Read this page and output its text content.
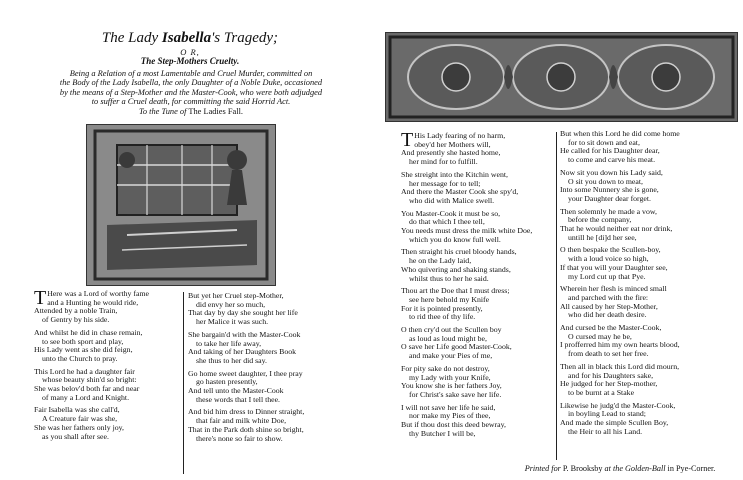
The Lady Isabella's Tragedy;
O R,
The Step-Mothers Cruelty.
Being a Relation of a most Lamentable and Cruel Murder, committed on
the Body of the Lady Isabella, the only Daughter of a Noble Duke, occasioned
by the means of a Step-Mother and the Master-Cook, who were both adjudged
to suffer a Cruel death, for committing the said Horrid Act.
To the Tune of The Ladies Fall.
T Here was a Lord of worthy fame
and a Hunting he would ride,
Attended by a noble Train,
of Gentry by his side.
And whilst he did in chase remain,
to see both sport and play,
His Lady went as she did feign,
unto the Church to pray.
This Lord he had a daughter fair
whose beauty shin'd so bright:
She was belov'd both far and near
of many a Lord and Knight.
Fair Isabella was she call'd,
A Creature fair was she,
She was her fathers only joy,
as you shall after see.
But yet her Cruel step-Mother,
did envy her so much,
That day by day she sought her life
her Malice it was such.
She bargain'd with the Master-Cook
to take her life away,
And taking of her Daughters Book
she thus to her did say.
Go home sweet daughter, I thee pray
go hasten presently,
And tell unto the Master-Cook
these words that I tell thee.
And bid him dress to Dinner straight,
that fair and milk white Doe,
That in the Park doth shine so bright,
there's none so fair to show.
T His Lady fearing of no harm,
obey'd her Mothers will,
And presently she hasted home,
her mind for to fulfill.
She streight into the Kitchin went,
her message for to tell;
And there the Master Cook she spy'd,
who did with Malice swell.
You Master-Cook it must be so,
do that which I thee tell,
You needs must dress the milk white Doe,
which you do know full well.
Then straight his cruel bloody hands,
he on the Lady laid,
Who quivering and shaking stands,
whilst thus to her he said.
Thou art the Doe that I must dress;
see here behold my Knife
For it is pointed presently,
to rid thee of thy life.
O then cry'd out the Scullen boy
as loud as loud might be,
O save her Life good Master-Cook,
and make your Pies of me,
For pity sake do not destroy,
my Lady with your Knife,
You know she is her fathers Joy,
for Christ's sake save her life.
I will not save her life he said,
nor make my Pies of thee,
But if thou dost this deed bewray,
thy Butcher I will be,
But when this Lord he did come home
for to sit down and eat,
He called for his Daughter dear,
to come and carve his meat.
Now sit you down his Lady said,
O sit you down to meat,
Into some Nunnery she is gone,
your Daughter dear forget.
Then solemnly he made a vow,
before the company,
That he would neither eat nor drink,
untill he [di]d her see,
O then bespake the Scullen-boy,
with a loud voice so high,
If that you will your Daughter see,
my Lord cut up that Pye.
Wherein her flesh is minced small
and parched with the fire:
All caused by her Step-Mother,
who did her death desire.
And cursed be the Master-Cook,
O cursed may he be,
I profferred him my own hearts blood,
from death to set her free.
Then all in black this Lord did mourn,
and for his Daughters sake,
He judged for her Step-mother,
to be burnt at a Stake
Likewise he judg'd the Master-Cook,
in boyling Lead to stand;
And made the simple Scullen Boy,
the Heir to all his Land.
Printed for P. Brooksby at the Golden-Ball in Pye-Corner.
